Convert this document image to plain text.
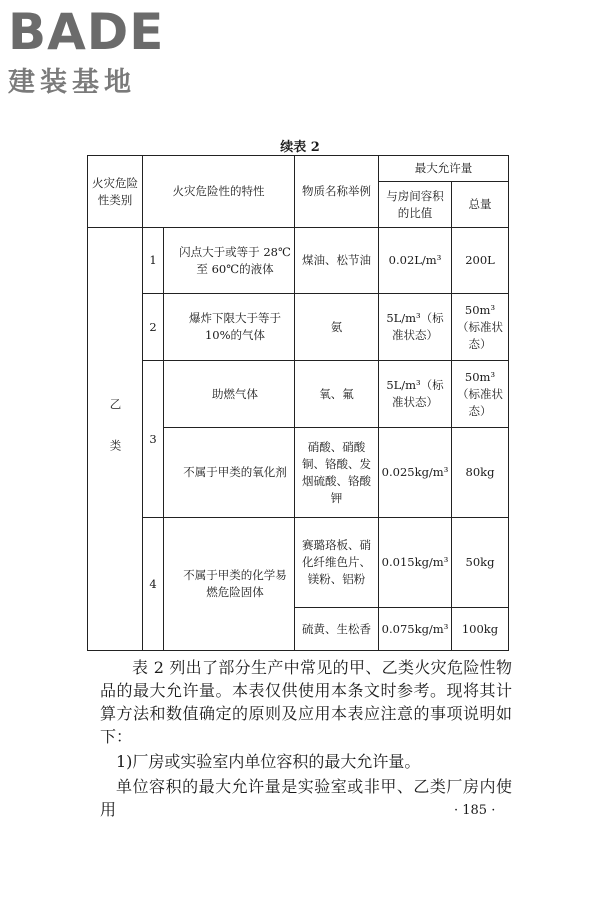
BADE
建装基地
续表 2
火灾危险性类别	火灾危险性的特性		物质名称举例	最大允许量	
				与房间容积的比值	总量
乙类	1	闪点大于或等于 28℃至 60℃的液体	煤油、松节油	0.02L/m³	200L
	2	爆炸下限大于等于10%的气体	氨	5L/m³（标准状态）	50m³（标准状态）
	3	助燃气体	氧、氟	5L/m³（标准状态）	50m³（标准状态）
		不属于甲类的氧化剂	硝酸、硝酸铜、铬酸、发烟硫酸、铬酸钾	0.025kg/m³	80kg
	4	不属于甲类的化学易燃危险固体	赛璐珞板、硝化纤维色片、镁粉、铝粉	0.015kg/m³	50kg
			硫黄、生松香	0.075kg/m³	100kg
表 2 列出了部分生产中常见的甲、乙类火灾危险性物品的最大允许量。本表仅供使用本条文时参考。现将其计算方法和数值确定的原则及应用本表应注意的事项说明如下：
1)厂房或实验室内单位容积的最大允许量。
单位容积的最大允许量是实验室或非甲、乙类厂房内使用	· 185 ·
